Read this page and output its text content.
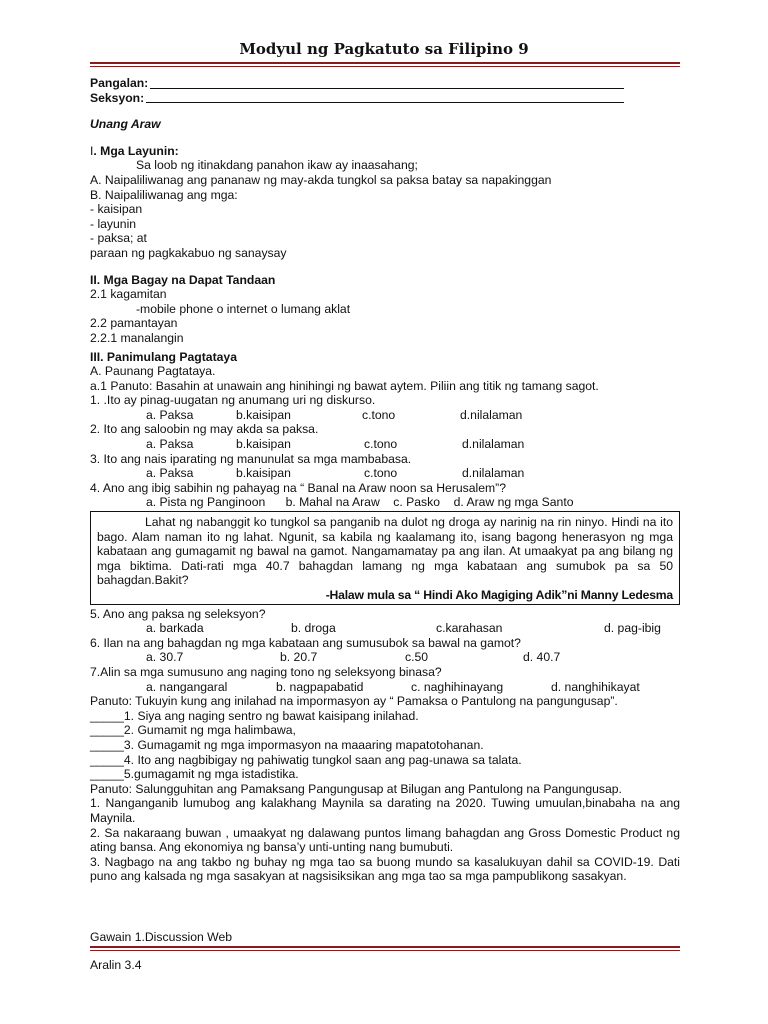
Modyul ng Pagkatuto sa Filipino 9
Pangalan:
Seksyon:
Unang Araw
I. Mga Layunin:
Sa loob ng itinakdang panahon ikaw ay inaasahang;
A. Naipaliliwanag ang pananaw ng may-akda tungkol sa paksa batay sa napakinggan
B. Naipaliliwanag ang mga:
- kaisipan
- layunin
- paksa; at
paraan ng pagkakabuo ng sanaysay
II. Mga Bagay na Dapat Tandaan
2.1 kagamitan
-mobile phone o internet o lumang aklat
2.2 pamantayan
2.2.1 manalangin
III. Panimulang Pagtataya
A. Paunang Pagtataya.
a.1 Panuto: Basahin at unawain ang hinihingi ng bawat aytem. Piliin ang titik ng tamang sagot.
1. .Ito ay pinag-uugatan ng anumang uri ng diskurso.
a. Paksa	b.kaisipan	c.tono	d.nilalaman
2. Ito ang saloobin ng may akda sa paksa.
a. Paksa	b.kaisipan	c.tono	d.nilalaman
3. Ito ang nais iparating ng manunulat sa mga mambabasa.
a. Paksa	b.kaisipan	c.tono	d.nilalaman
4. Ano ang ibig sabihin ng pahayag na “ Banal na Araw noon sa Herusalem”?
a. Pista ng Panginoon      b. Mahal na Araw    c. Pasko    d. Araw ng mga Santo

Lahat ng nabanggit ko tungkol sa panganib na dulot ng droga ay narinig na rin ninyo. Hindi na ito bago. Alam naman ito ng lahat. Ngunit, sa kabila ng kaalamang ito, isang bagong henerasyon ng mga kabataan ang gumagamit ng bawal na gamot. Nangamamatay pa ang ilan. At umaakyat pa ang bilang ng mga biktima. Dati-rati mga 40.7 bahagdan lamang ng mga kabataan ang sumubok pa sa 50 bahagdan.Bakit?

-Halaw mula sa “ Hindi Ako Magiging Adik”ni Manny Ledesma
5. Ano ang paksa ng seleksyon?
a. barkada	b. droga	c.karahasan	d. pag-ibig
6. Ilan na ang bahagdan ng mga kabataan ang sumusubok sa bawal na gamot?
a. 30.7	b. 20.7	c.50	d. 40.7
7.Alin sa mga sumusuno ang naging tono ng seleksyong binasa?
a. nangangaral	b. nagpapabatid	c. naghihinayang	d. nanghihikayat
Panuto: Tukuyin kung ang inilahad na impormasyon ay “ Pamaksa o Pantulong na pangungusap”.
_____1. Siya ang naging sentro ng bawat kaisipang inilahad.
_____2. Gumamit ng mga halimbawa,
_____3. Gumagamit ng mga impormasyon na maaaring mapatotohanan.
_____4. Ito ang nagbibigay ng pahiwatig tungkol saan ang pag-unawa sa talata.
_____5.gumagamit ng mga istadistika.
Panuto: Salungguhitan ang Pamaksang Pangungusap at Bilugan ang Pantulong na Pangungusap.
1. Nanganganib lumubog ang kalakhang Maynila sa darating na 2020. Tuwing umuulan,binabaha na ang Maynila.
2. Sa nakaraang buwan , umaakyat ng dalawang puntos limang bahagdan ang Gross Domestic Product ng ating bansa. Ang ekonomiya ng bansa’y unti-unting nang bumubuti.
3. Nagbago na ang takbo ng buhay ng mga tao sa buong mundo sa kasalukuyan dahil sa COVID-19. Dati puno ang kalsada ng mga sasakyan at nagsisiksikan ang mga tao sa mga pampublikong sasakyan.
Gawain 1.Discussion Web
Aralin 3.4
